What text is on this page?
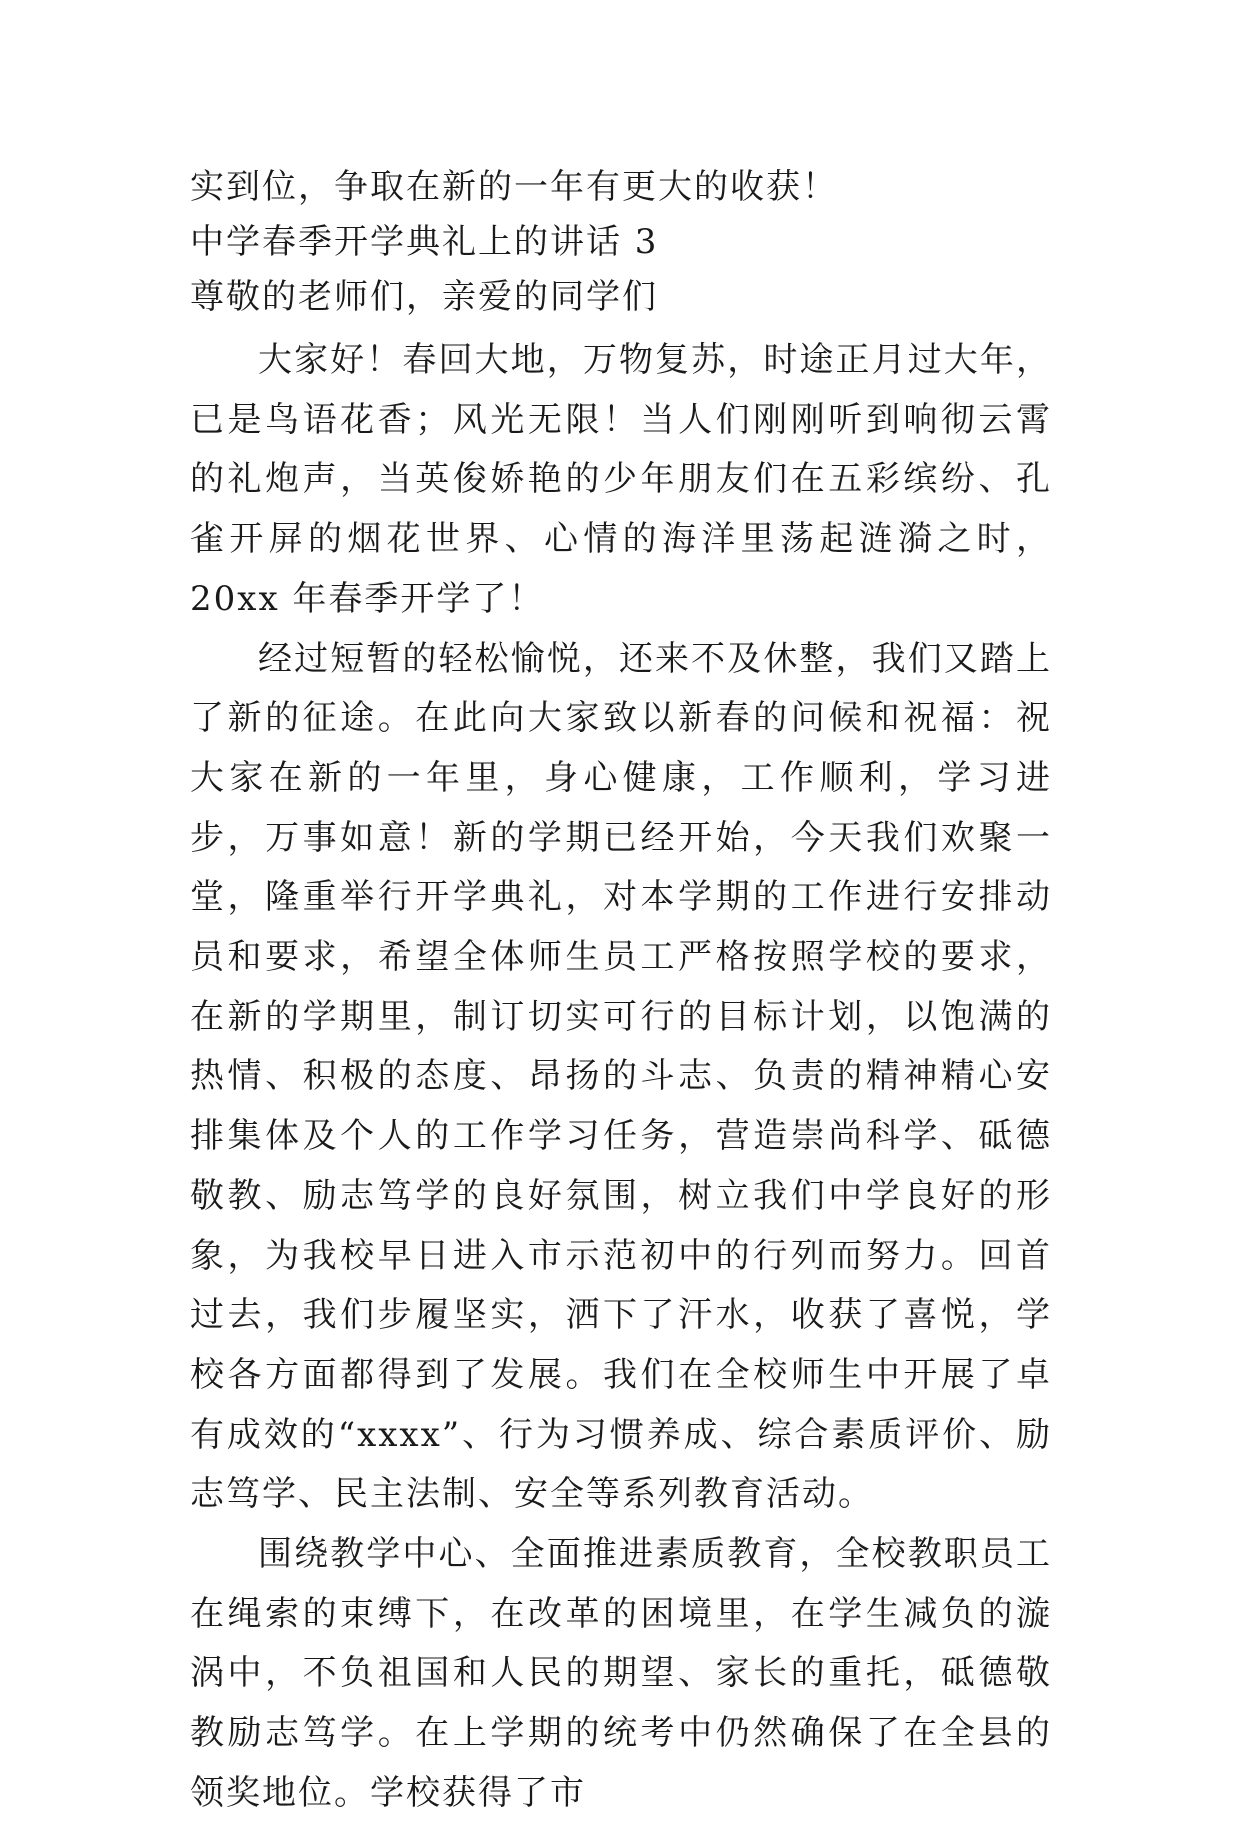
实到位，争取在新的一年有更大的收获！
中学春季开学典礼上的讲话 3
尊敬的老师们，亲爱的同学们

大家好！春回大地，万物复苏，时途正月过大年，已是鸟语花香；风光无限！当人们刚刚听到响彻云霄的礼炮声，当英俊娇艳的少年朋友们在五彩缤纷、孔雀开屏的烟花世界、心情的海洋里荡起涟漪之时，20xx 年春季开学了！

经过短暂的轻松愉悦，还来不及休整，我们又踏上了新的征途。在此向大家致以新春的问候和祝福：祝大家在新的一年里，身心健康，工作顺利，学习进步，万事如意！新的学期已经开始，今天我们欢聚一堂，隆重举行开学典礼，对本学期的工作进行安排动员和要求，希望全体师生员工严格按照学校的要求，在新的学期里，制订切实可行的目标计划，以饱满的热情、积极的态度、昂扬的斗志、负责的精神精心安排集体及个人的工作学习任务，营造崇尚科学、砥德敬教、励志笃学的良好氛围，树立我们中学良好的形象，为我校早日进入市示范初中的行列而努力。回首过去，我们步履坚实，洒下了汗水，收获了喜悦，学校各方面都得到了发展。我们在全校师生中开展了卓有成效的“xxxx”、行为习惯养成、综合素质评价、励志笃学、民主法制、安全等系列教育活动。

围绕教学中心、全面推进素质教育，全校教职员工在绳索的束缚下，在改革的困境里，在学生减负的漩涡中，不负祖国和人民的期望、家长的重托，砥德敬教励志笃学。在上学期的统考中仍然确保了在全县的领奖地位。学校获得了市
